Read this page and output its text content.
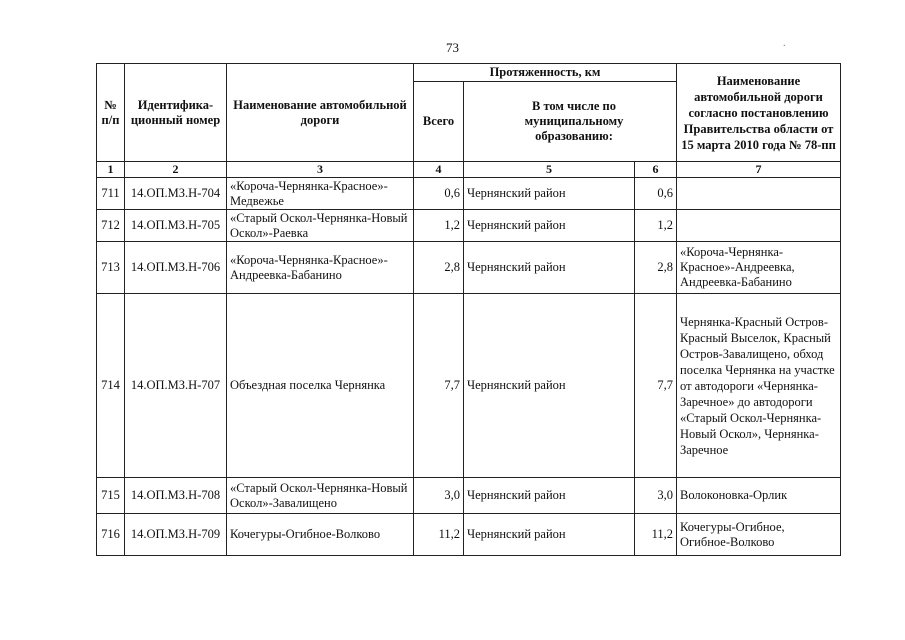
73	.
№ п/п	Идентифика- ционный номер	Наименование автомобильной дороги	Протяженность, км			Наименование автомобильной дороги согласно постановлению Правительства области от 15 марта 2010 года № 78-пп
			Всего	В том числе по муниципальному образованию:		
1	2	3	4	5	6	7
711	14.ОП.МЗ.Н-704	«Короча-Чернянка-Красное»-Медвежье	0,6	Чернянский район	0,6	
712	14.ОП.МЗ.Н-705	«Старый Оскол-Чернянка-Новый Оскол»-Раевка	1,2	Чернянский район	1,2	
713	14.ОП.МЗ.Н-706	«Короча-Чернянка-Красное»-Андреевка-Бабанино	2,8	Чернянский район	2,8	«Короча-Чернянка-Красное»-Андреевка, Андреевка-Бабанино
714	14.ОП.МЗ.Н-707	Объездная поселка Чернянка	7,7	Чернянский район	7,7	Чернянка-Красный Остров-Красный Выселок, Красный Остров-Завалищено, обход поселка Чернянка на участке от автодороги «Чернянка-Заречное» до автодороги «Старый Оскол-Чернянка-Новый Оскол», Чернянка-Заречное
715	14.ОП.МЗ.Н-708	«Старый Оскол-Чернянка-Новый Оскол»-Завалищено	3,0	Чернянский район	3,0	Волоконовка-Орлик
716	14.ОП.МЗ.Н-709	Кочегуры-Огибное-Волково	11,2	Чернянский район	11,2	Кочегуры-Огибное, Огибное-Волково
